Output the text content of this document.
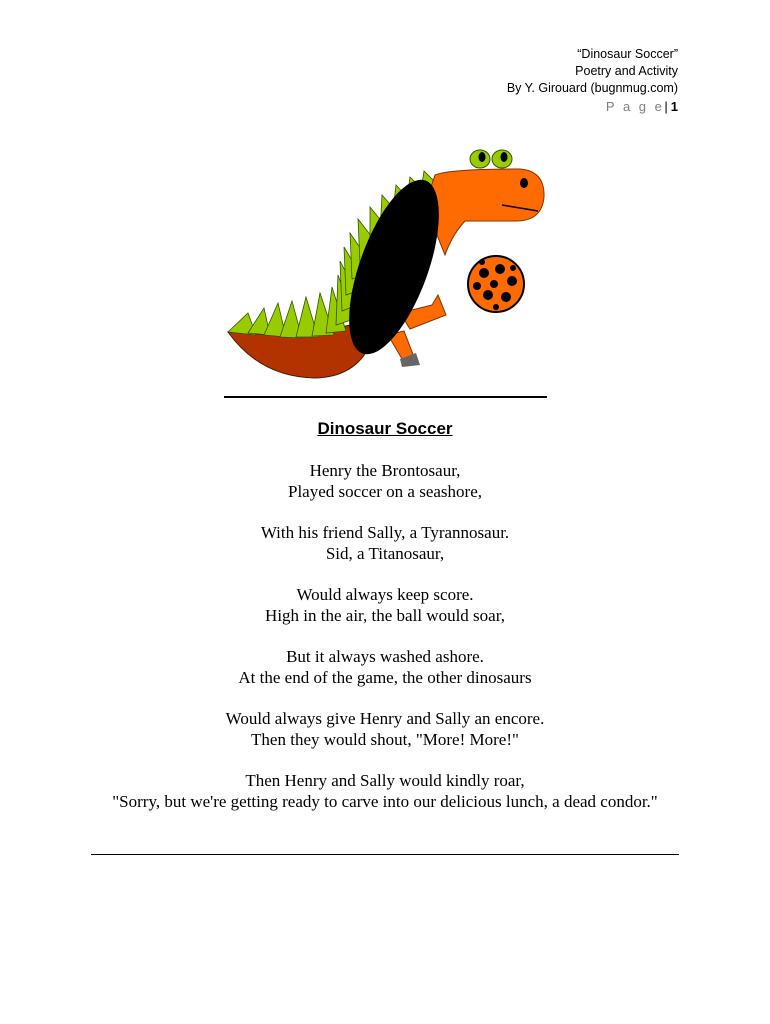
“Dinosaur Soccer”
Poetry and Activity
By Y. Girouard (bugnmug.com)
P a g e| 1
Dinosaur Soccer
Henry the Brontosaur,
Played soccer on a seashore,
With his friend Sally, a Tyrannosaur.
Sid, a Titanosaur,
Would always keep score.
High in the air, the ball would soar,
But it always washed ashore.
At the end of the game, the other dinosaurs
Would always give Henry and Sally an encore.
Then they would shout, "More! More!"
Then Henry and Sally would kindly roar,
"Sorry, but we're getting ready to carve into our delicious lunch, a dead condor."
